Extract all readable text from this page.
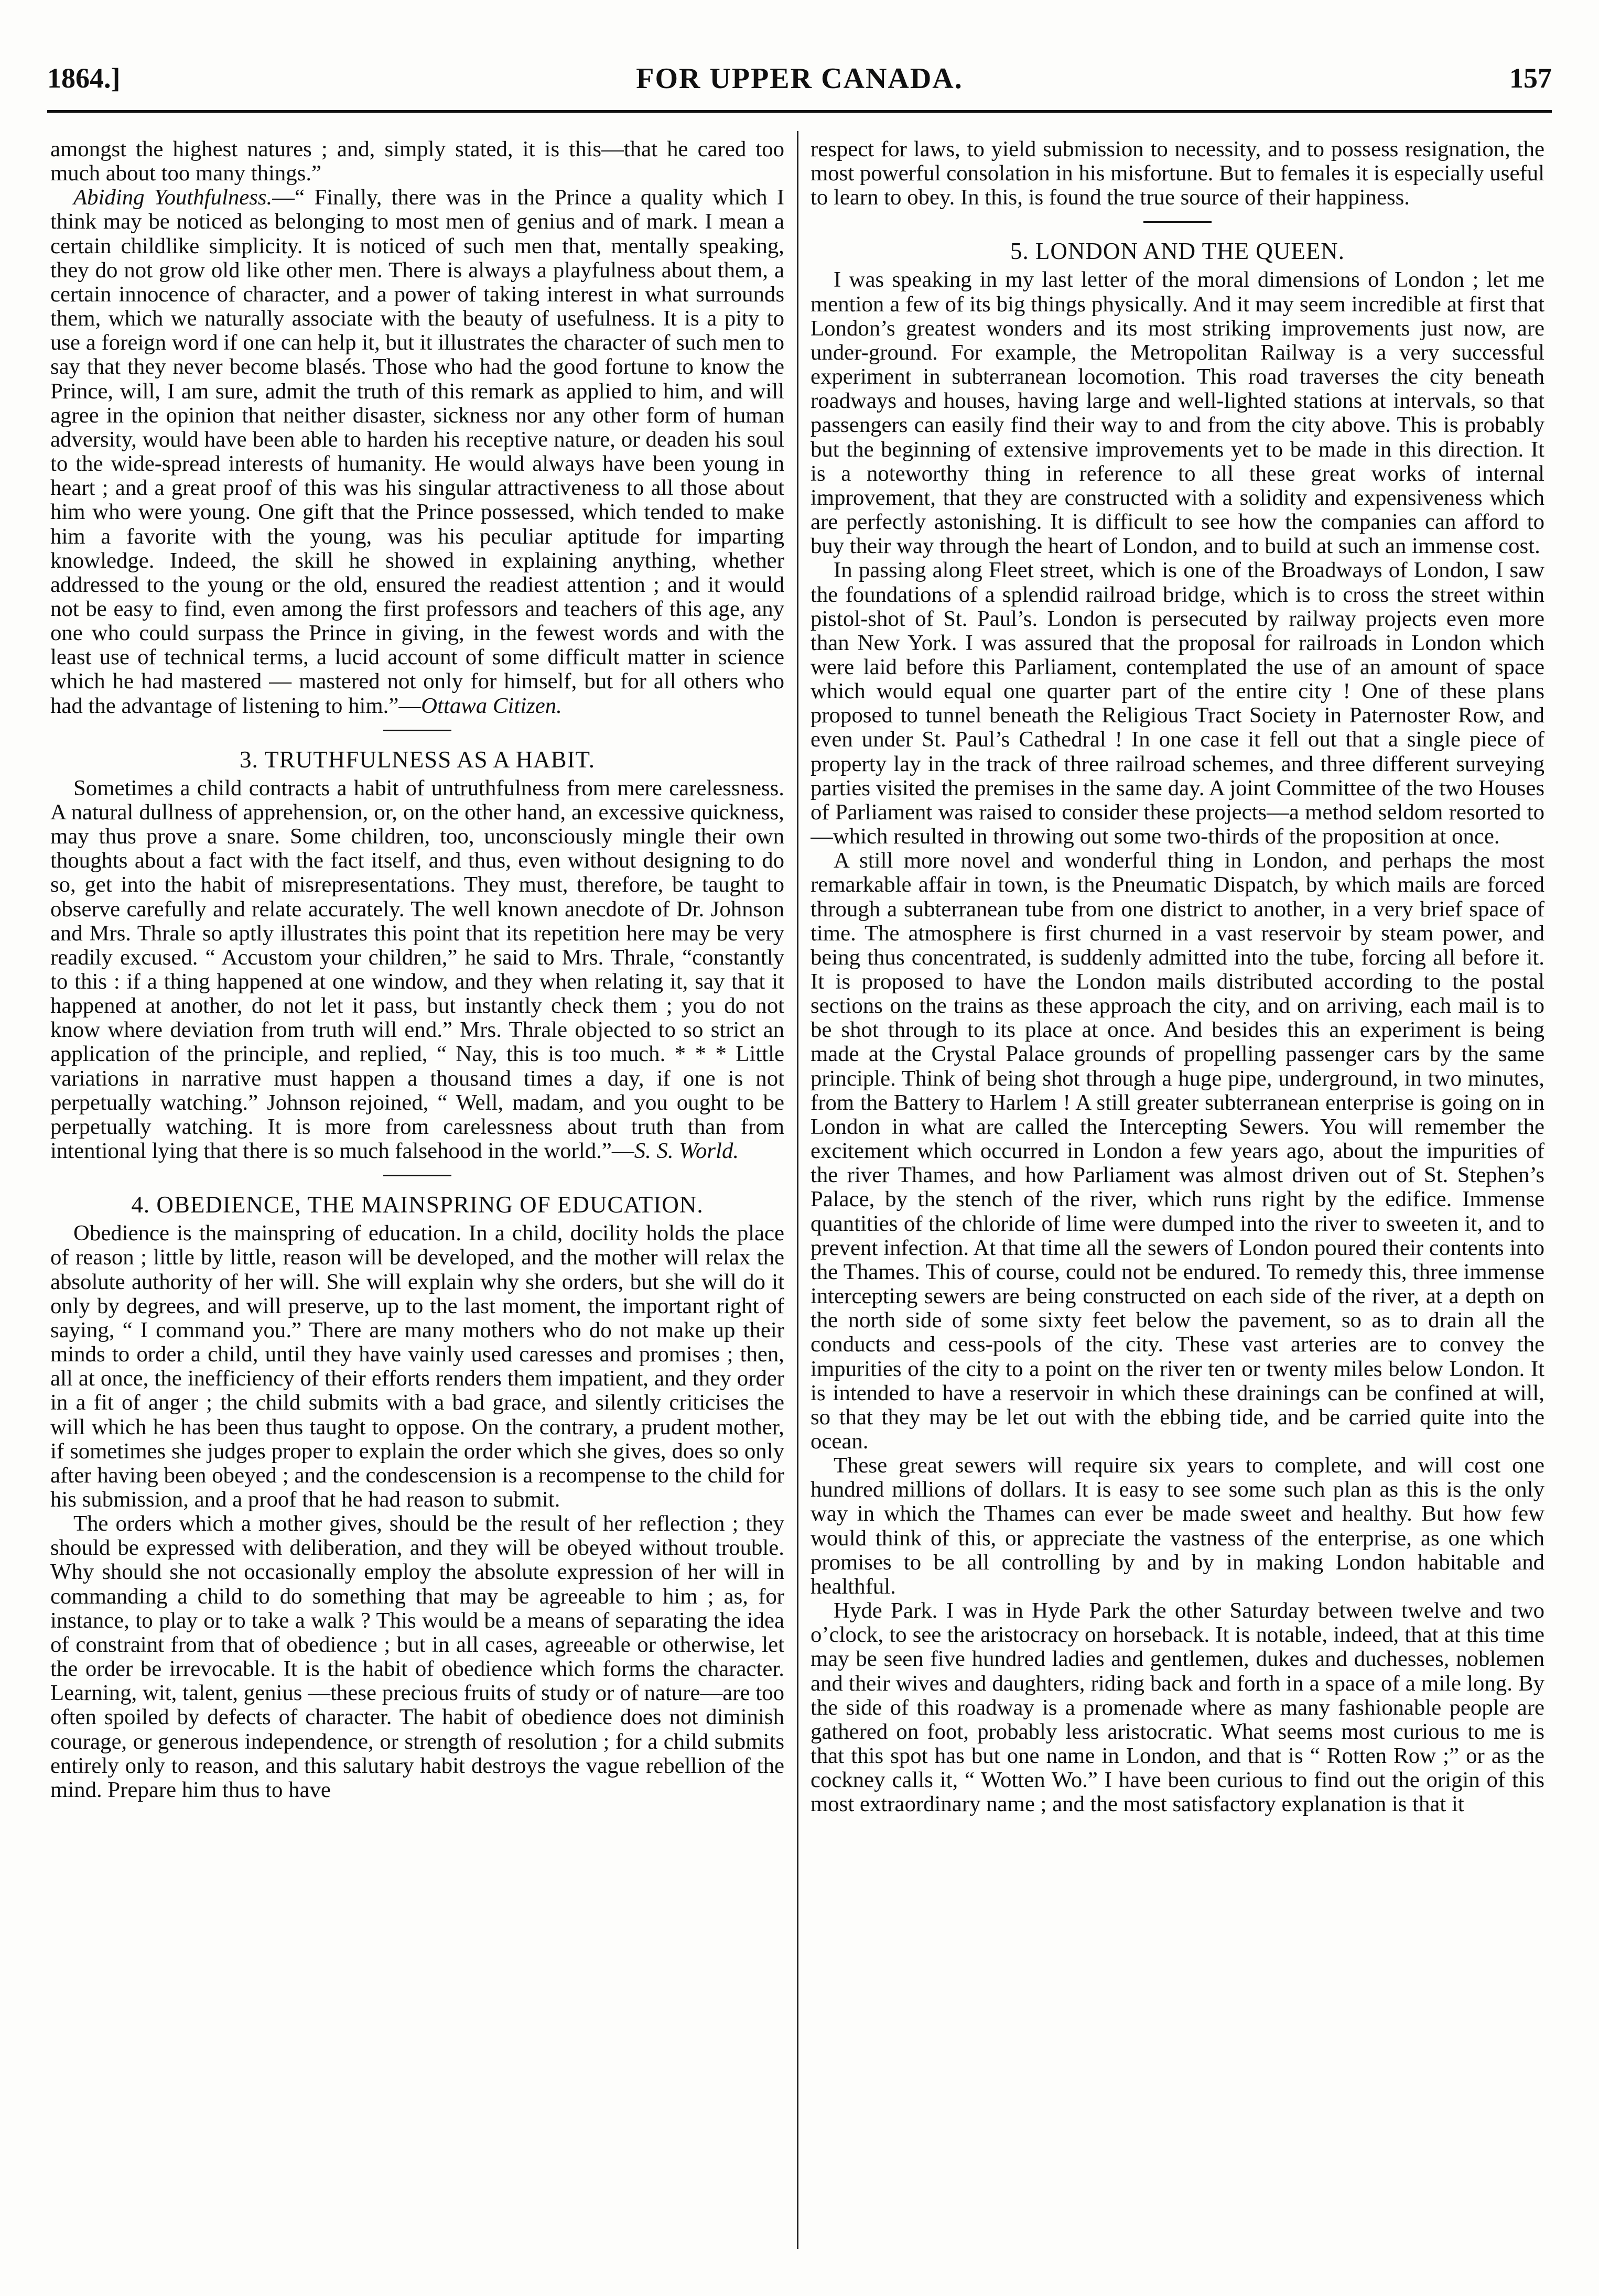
1864.]	FOR UPPER CANADA.	157

amongst the highest natures ; and, simply stated, it is this—that he cared too much about too many things.”

Abiding Youthfulness.—“ Finally, there was in the Prince a quality which I think may be noticed as belonging to most men of genius and of mark. I mean a certain childlike simplicity. It is noticed of such men that, mentally speaking, they do not grow old like other men. There is always a playfulness about them, a certain innocence of character, and a power of taking interest in what surrounds them, which we naturally associate with the beauty of usefulness. It is a pity to use a foreign word if one can help it, but it illustrates the character of such men to say that they never become blasés. Those who had the good fortune to know the Prince, will, I am sure, admit the truth of this remark as applied to him, and will agree in the opinion that neither disaster, sickness nor any other form of human adversity, would have been able to harden his receptive nature, or deaden his soul to the wide-spread interests of humanity. He would always have been young in heart ; and a great proof of this was his singular attractiveness to all those about him who were young. One gift that the Prince possessed, which tended to make him a favorite with the young, was his peculiar aptitude for imparting knowledge. Indeed, the skill he showed in explaining anything, whether addressed to the young or the old, ensured the readiest attention ; and it would not be easy to find, even among the first professors and teachers of this age, any one who could surpass the Prince in giving, in the fewest words and with the least use of technical terms, a lucid account of some difficult matter in science which he had mastered — mastered not only for himself, but for all others who had the advantage of listening to him.”—Ottawa Citizen.

3. TRUTHFULNESS AS A HABIT.

Sometimes a child contracts a habit of untruthfulness from mere carelessness. A natural dullness of apprehension, or, on the other hand, an excessive quickness, may thus prove a snare. Some children, too, unconsciously mingle their own thoughts about a fact with the fact itself, and thus, even without designing to do so, get into the habit of misrepresentations. They must, therefore, be taught to observe carefully and relate accurately. The well known anecdote of Dr. Johnson and Mrs. Thrale so aptly illustrates this point that its repetition here may be very readily excused. “ Accustom your children,” he said to Mrs. Thrale, “constantly to this : if a thing happened at one window, and they when relating it, say that it happened at another, do not let it pass, but instantly check them ; you do not know where deviation from truth will end.” Mrs. Thrale objected to so strict an application of the principle, and replied, “ Nay, this is too much. * * * Little variations in narrative must happen a thousand times a day, if one is not perpetually watching.” Johnson rejoined, “ Well, madam, and you ought to be perpetually watching. It is more from carelessness about truth than from intentional lying that there is so much falsehood in the world.”—S. S. World.

4. OBEDIENCE, THE MAINSPRING OF EDUCATION.

Obedience is the mainspring of education. In a child, docility holds the place of reason ; little by little, reason will be developed, and the mother will relax the absolute authority of her will. She will explain why she orders, but she will do it only by degrees, and will preserve, up to the last moment, the important right of saying, “ I command you.” There are many mothers who do not make up their minds to order a child, until they have vainly used caresses and promises ; then, all at once, the inefficiency of their efforts renders them impatient, and they order in a fit of anger ; the child submits with a bad grace, and silently criticises the will which he has been thus taught to oppose. On the contrary, a prudent mother, if sometimes she judges proper to explain the order which she gives, does so only after having been obeyed ; and the condescension is a recompense to the child for his submission, and a proof that he had reason to submit.

The orders which a mother gives, should be the result of her reflection ; they should be expressed with deliberation, and they will be obeyed without trouble. Why should she not occasionally employ the absolute expression of her will in commanding a child to do something that may be agreeable to him ; as, for instance, to play or to take a walk ? This would be a means of separating the idea of constraint from that of obedience ; but in all cases, agreeable or otherwise, let the order be irrevocable. It is the habit of obedience which forms the character. Learning, wit, talent, genius —these precious fruits of study or of nature—are too often spoiled by defects of character. The habit of obedience does not diminish courage, or generous independence, or strength of resolution ; for a child submits entirely only to reason, and this salutary habit destroys the vague rebellion of the mind. Prepare him thus to have

respect for laws, to yield submission to necessity, and to possess resignation, the most powerful consolation in his misfortune. But to females it is especially useful to learn to obey. In this, is found the true source of their happiness.

5. LONDON AND THE QUEEN.

I was speaking in my last letter of the moral dimensions of London ; let me mention a few of its big things physically. And it may seem incredible at first that London’s greatest wonders and its most striking improvements just now, are under-ground. For example, the Metropolitan Railway is a very successful experiment in subterranean locomotion. This road traverses the city beneath roadways and houses, having large and well-lighted stations at intervals, so that passengers can easily find their way to and from the city above. This is probably but the beginning of extensive improvements yet to be made in this direction. It is a noteworthy thing in reference to all these great works of internal improvement, that they are constructed with a solidity and expensiveness which are perfectly astonishing. It is difficult to see how the companies can afford to buy their way through the heart of London, and to build at such an immense cost.

In passing along Fleet street, which is one of the Broadways of London, I saw the foundations of a splendid railroad bridge, which is to cross the street within pistol-shot of St. Paul’s. London is persecuted by railway projects even more than New York. I was assured that the proposal for railroads in London which were laid before this Parliament, contemplated the use of an amount of space which would equal one quarter part of the entire city ! One of these plans proposed to tunnel beneath the Religious Tract Society in Paternoster Row, and even under St. Paul’s Cathedral ! In one case it fell out that a single piece of property lay in the track of three railroad schemes, and three different surveying parties visited the premises in the same day. A joint Committee of the two Houses of Parliament was raised to consider these projects—a method seldom resorted to—which resulted in throwing out some two-thirds of the proposition at once.

A still more novel and wonderful thing in London, and perhaps the most remarkable affair in town, is the Pneumatic Dispatch, by which mails are forced through a subterranean tube from one district to another, in a very brief space of time. The atmosphere is first churned in a vast reservoir by steam power, and being thus concentrated, is suddenly admitted into the tube, forcing all before it. It is proposed to have the London mails distributed according to the postal sections on the trains as these approach the city, and on arriving, each mail is to be shot through to its place at once. And besides this an experiment is being made at the Crystal Palace grounds of propelling passenger cars by the same principle. Think of being shot through a huge pipe, underground, in two minutes, from the Battery to Harlem ! A still greater subterranean enterprise is going on in London in what are called the Intercepting Sewers. You will remember the excitement which occurred in London a few years ago, about the impurities of the river Thames, and how Parliament was almost driven out of St. Stephen’s Palace, by the stench of the river, which runs right by the edifice. Immense quantities of the chloride of lime were dumped into the river to sweeten it, and to prevent infection. At that time all the sewers of London poured their contents into the Thames. This of course, could not be endured. To remedy this, three immense intercepting sewers are being constructed on each side of the river, at a depth on the north side of some sixty feet below the pavement, so as to drain all the conducts and cess-pools of the city. These vast arteries are to convey the impurities of the city to a point on the river ten or twenty miles below London. It is intended to have a reservoir in which these drainings can be confined at will, so that they may be let out with the ebbing tide, and be carried quite into the ocean.

These great sewers will require six years to complete, and will cost one hundred millions of dollars. It is easy to see some such plan as this is the only way in which the Thames can ever be made sweet and healthy. But how few would think of this, or appreciate the vastness of the enterprise, as one which promises to be all controlling by and by in making London habitable and healthful.

Hyde Park. I was in Hyde Park the other Saturday between twelve and two o’clock, to see the aristocracy on horseback. It is notable, indeed, that at this time may be seen five hundred ladies and gentlemen, dukes and duchesses, noblemen and their wives and daughters, riding back and forth in a space of a mile long. By the side of this roadway is a promenade where as many fashionable people are gathered on foot, probably less aristocratic. What seems most curious to me is that this spot has but one name in London, and that is “ Rotten Row ;” or as the cockney calls it, “ Wotten Wo.” I have been curious to find out the origin of this most extraordinary name ; and the most satisfactory explanation is that it
